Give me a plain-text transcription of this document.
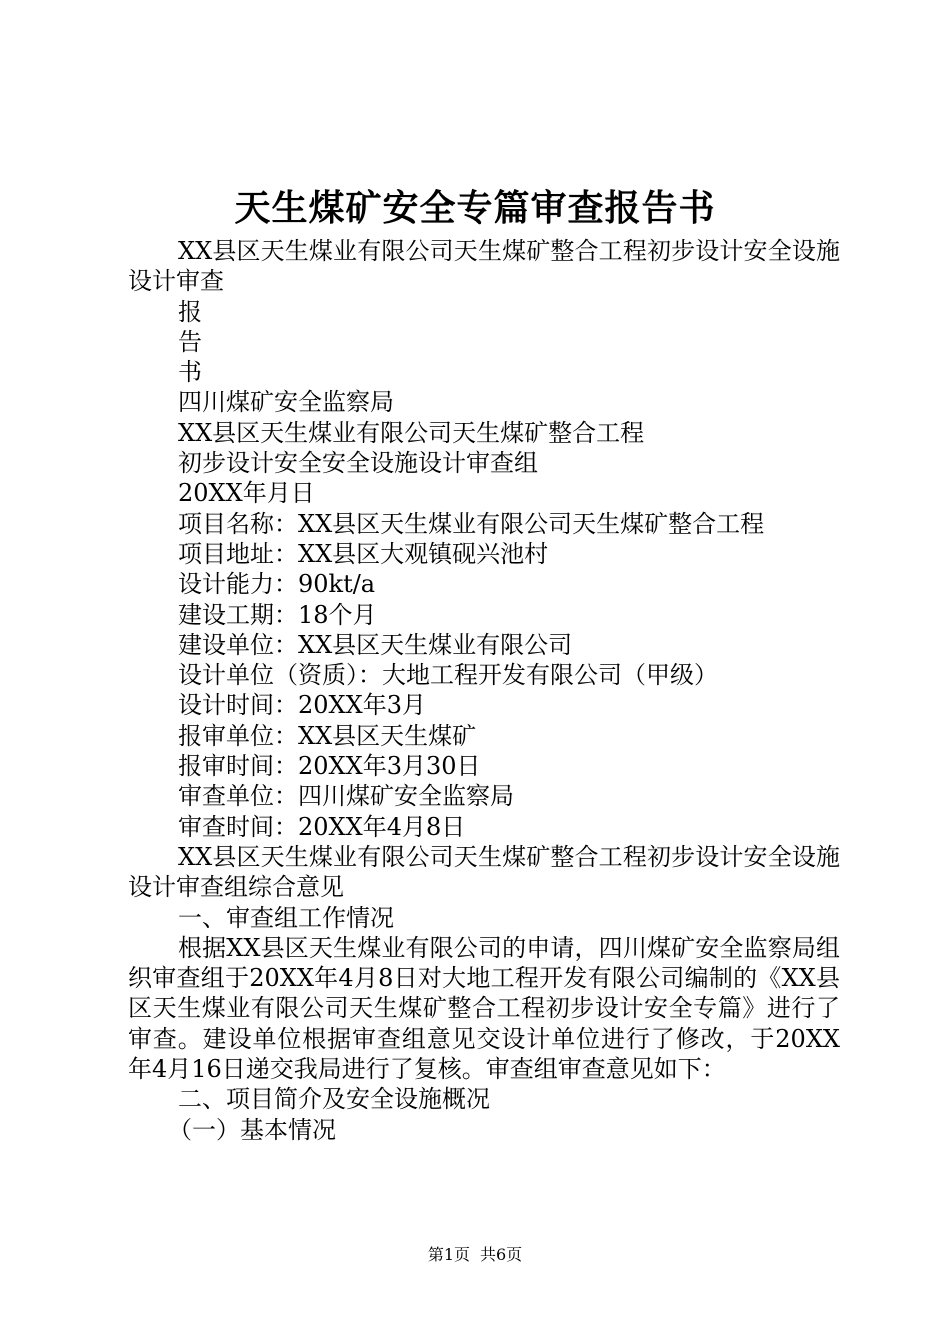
天生煤矿安全专篇审查报告书

XX县区天生煤业有限公司天生煤矿整合工程初步设计安全设施设计审查

报

告

书

四川煤矿安全监察局

XX县区天生煤业有限公司天生煤矿整合工程

初步设计安全安全设施设计审查组

20XX年月日

项目名称：XX县区天生煤业有限公司天生煤矿整合工程

项目地址：XX县区大观镇砚兴池村

设计能力：90kt/a

建设工期：18个月

建设单位：XX县区天生煤业有限公司

设计单位（资质）：大地工程开发有限公司（甲级）

设计时间：20XX年3月

报审单位：XX县区天生煤矿

报审时间：20XX年3月30日

审查单位：四川煤矿安全监察局

审查时间：20XX年4月8日

XX县区天生煤业有限公司天生煤矿整合工程初步设计安全设施设计审查组综合意见

一、审查组工作情况

根据XX县区天生煤业有限公司的申请，四川煤矿安全监察局组织审查组于20XX年4月8日对大地工程开发有限公司编制的《XX县区天生煤业有限公司天生煤矿整合工程初步设计安全专篇》进行了审查。建设单位根据审查组意见交设计单位进行了修改，于20XX年4月16日递交我局进行了复核。审查组审查意见如下：

二、项目简介及安全设施概况

（一）基本情况

第1页 共6页
